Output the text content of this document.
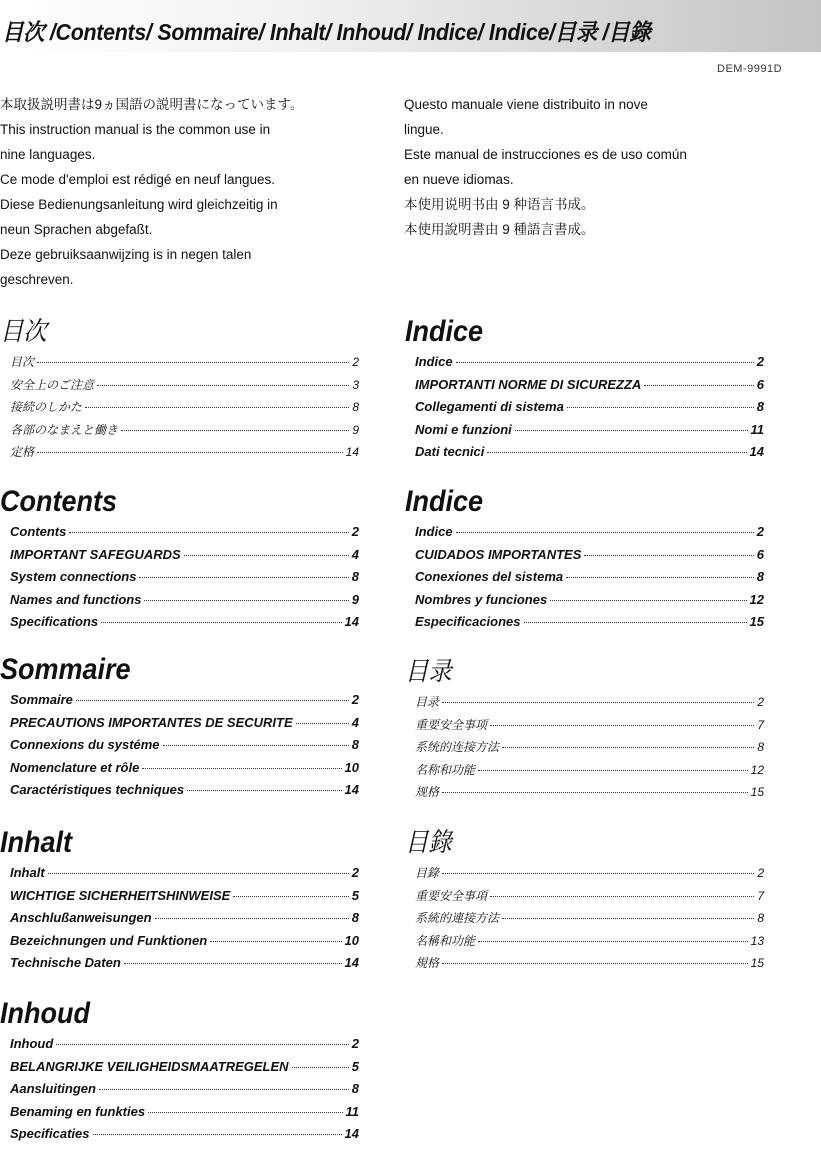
目次 /Contents/ Sommaire/ Inhalt/ Inhoud/ Indice/ Indice/目录 /目錄
DEM-9991D

本取扱説明書は9ヵ国語の説明書になっています。

This instruction manual is the common use in

nine languages.

Ce mode d'emploi est rédigé en neuf langues.

Diese Bedienungsanleitung wird gleichzeitig in

neun Sprachen abgefaßt.

Deze gebruiksaanwijzing is in negen talen

geschreven.

Questo manuale viene distribuito in nove

lingue.

Este manual de instrucciones es de uso común

en nueve idiomas.

本使用说明书由 9 种语言书成。

本使用說明書由 9 種語言書成。

目次
目次	2
安全上のご注意	3
接続のしかた	8
各部のなまえと働き	9
定格	14
Contents
Contents	2
IMPORTANT SAFEGUARDS	4
System connections	8
Names and functions	9
Specifications	14
Sommaire
Sommaire	2
PRECAUTIONS IMPORTANTES DE SECURITE	4
Connexions du systéme	8
Nomenclature et rôle	10
Caractéristiques techniques	14
Inhalt
Inhalt	2
WICHTIGE SICHERHEITSHINWEISE	5
Anschlußanweisungen	8
Bezeichnungen und Funktionen	10
Technische Daten	14
Inhoud
Inhoud	2
BELANGRIJKE VEILIGHEIDSMAATREGELEN	5
Aansluitingen	8
Benaming en funkties	11
Specificaties	14
Indice
Indice	2
IMPORTANTI NORME DI SICUREZZA	6
Collegamenti di sistema	8
Nomi e funzioni	11
Dati tecnici	14
Indice
Indice	2
CUIDADOS IMPORTANTES	6
Conexiones del sistema	8
Nombres y funciones	12
Especificaciones	15
目录
目录	2
重要安全事项	7
系统的连接方法	8
名称和功能	12
规格	15
目錄
目錄	2
重要安全事項	7
系統的連接方法	8
名稱和功能	13
規格	15
